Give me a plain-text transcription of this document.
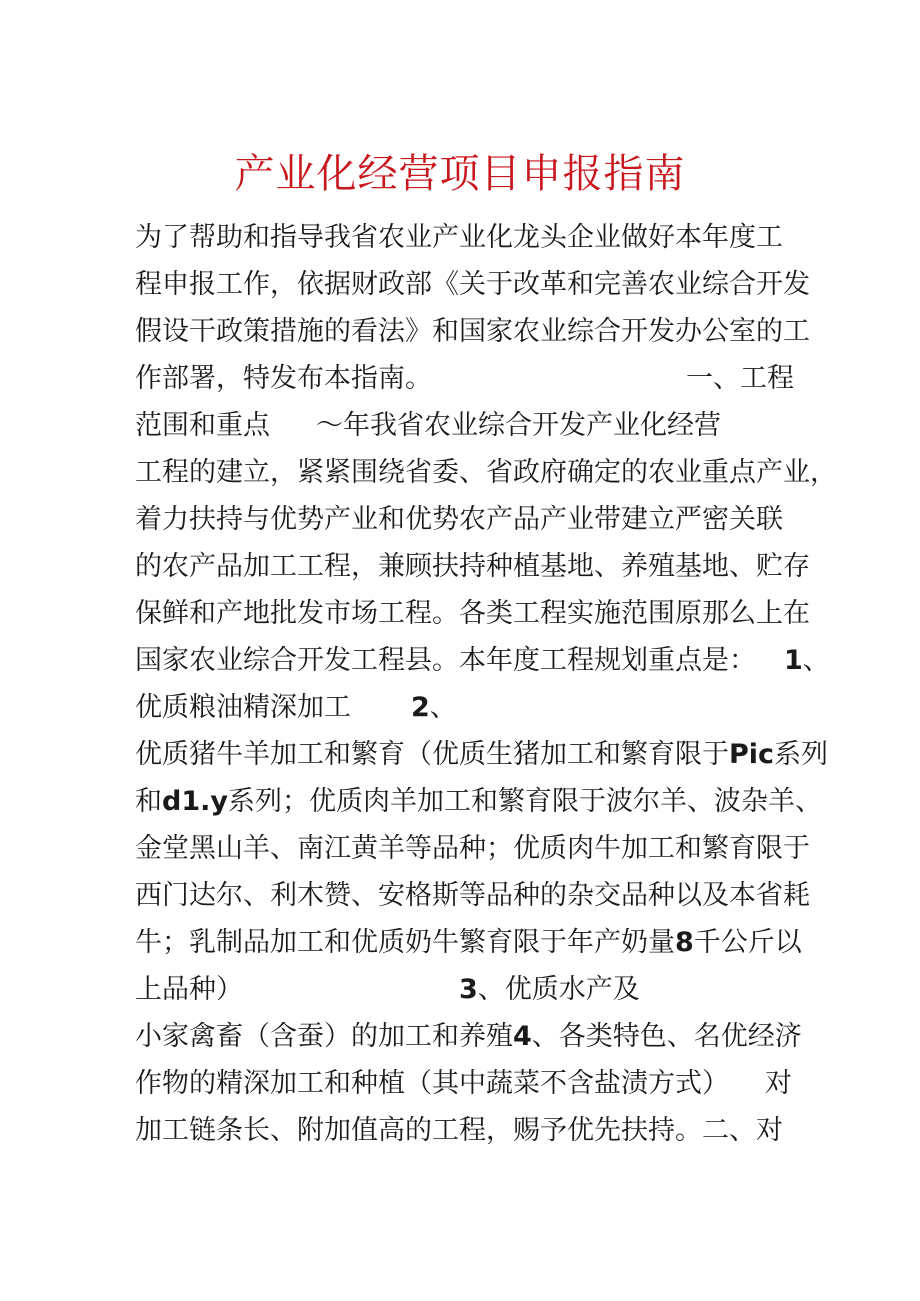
产业化经营项目申报指南
为了帮助和指导我省农业产业化龙头企业做好本年度工
程申报工作，依据财政部《关于改革和完善农业综合开发
假设干政策措施的看法》和国家农业综合开发办公室的工
作部署，特发布本指南。	一、工程
范围和重点 ～年我省农业综合开发产业化经营
工程的建立，紧紧围绕省委、省政府确定的农业重点产业，
着力扶持与优势产业和优势农产品产业带建立严密关联
的农产品加工工程，兼顾扶持种植基地、养殖基地、贮存
保鲜和产地批发市场工程。各类工程实施范围原那么上在
国家农业综合开发工程县。本年度工程规划重点是： 1、
优质粮油精深加工 2、
优质猪牛羊加工和繁育（优质生猪加工和繁育限于Pic系列
和d1.y系列；优质肉羊加工和繁育限于波尔羊、波杂羊、
金堂黑山羊、南江黄羊等品种；优质肉牛加工和繁育限于
西门达尔、利木赞、安格斯等品种的杂交品种以及本省耗
牛；乳制品加工和优质奶牛繁育限于年产奶量8千公斤以
上品种）	3、优质水产及
小家禽畜（含蚕）的加工和养殖4、各类特色、名优经济
作物的精深加工和种植（其中蔬菜不含盐渍方式） 对
加工链条长、附加值高的工程，赐予优先扶持。二、对
